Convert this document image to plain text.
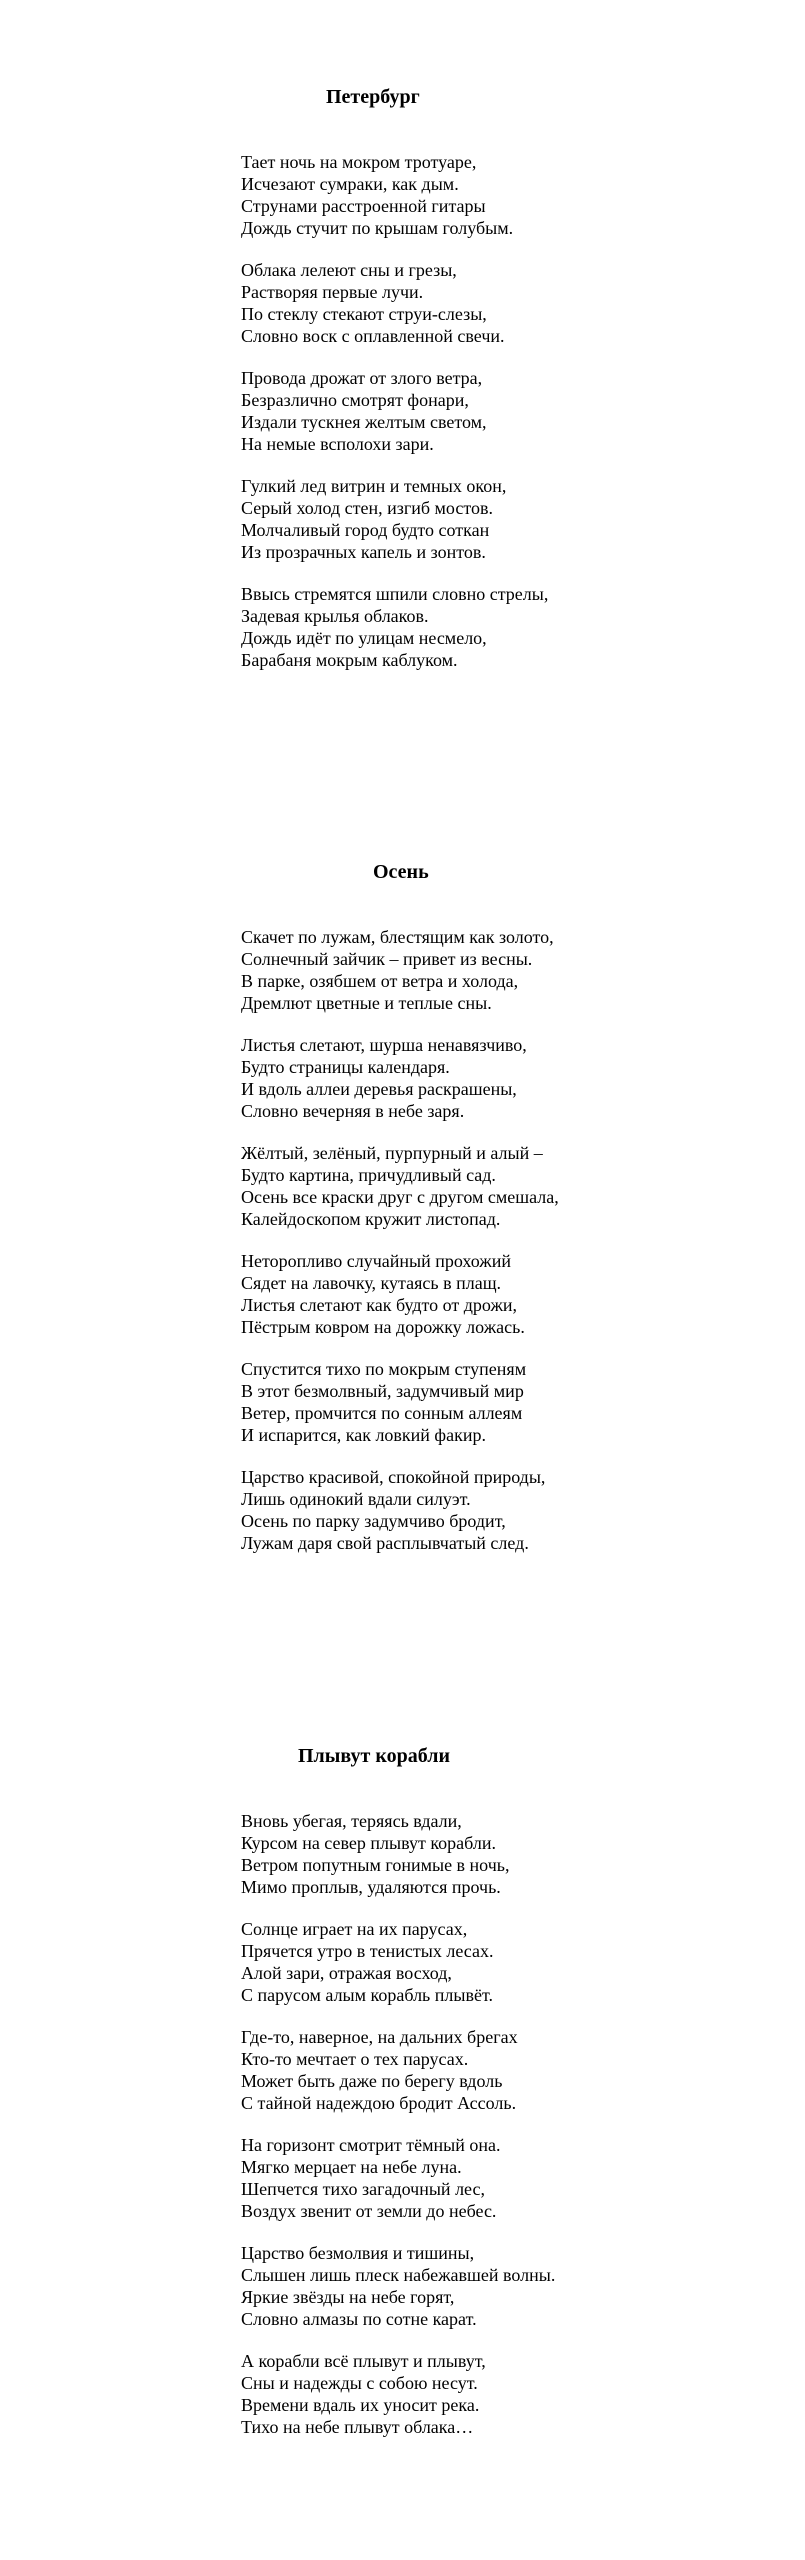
Петербург

Тает ночь на мокром тротуаре,
Исчезают сумраки, как дым.
Струнами расстроенной гитары
Дождь стучит по крышам голубым.

Облака лелеют сны и грезы,
Растворяя первые лучи.
По стеклу стекают струи-слезы,
Словно воск с оплавленной свечи.

Провода дрожат от злого ветра,
Безразлично смотрят фонари,
Издали тускнея желтым светом,
На немые всполохи зари.

Гулкий лед витрин и темных окон,
Серый холод стен, изгиб мостов.
Молчаливый город будто соткан
Из прозрачных капель и зонтов.

Ввысь стремятся шпили словно стрелы,
Задевая крылья облаков.
Дождь идёт по улицам несмело,
Барабаня мокрым каблуком.

Осень

Скачет по лужам, блестящим как золото,
Солнечный зайчик – привет из весны.
В парке, озябшем от ветра и холода,
Дремлют цветные и теплые сны.

Листья слетают, шурша ненавязчиво,
Будто страницы календаря.
И вдоль аллеи деревья раскрашены,
Словно вечерняя в небе заря.

Жёлтый, зелёный, пурпурный и алый –
Будто картина, причудливый сад.
Осень все краски друг с другом смешала,
Калейдоскопом кружит листопад.

Неторопливо случайный прохожий
Сядет на лавочку, кутаясь в плащ.
Листья слетают как будто от дрожи,
Пёстрым ковром на дорожку ложась.

Спустится тихо по мокрым ступеням
В этот безмолвный, задумчивый мир
Ветер, промчится по сонным аллеям
И испарится, как ловкий факир.

Царство красивой, спокойной природы,
Лишь одинокий вдали силуэт.
Осень по парку задумчиво бродит,
Лужам даря свой расплывчатый след.

Плывут корабли

Вновь убегая, теряясь вдали,
Курсом на север плывут корабли.
Ветром попутным гонимые в ночь,
Мимо проплыв, удаляются прочь.

Солнце играет на их парусах,
Прячется утро в тенистых лесах.
Алой зари, отражая восход,
С парусом алым корабль плывёт.

Где-то, наверное, на дальних брегах
Кто-то мечтает о тех парусах.
Может быть даже по берегу вдоль
С тайной надеждою бродит Ассоль.

На горизонт смотрит тёмный она.
Мягко мерцает на небе луна.
Шепчется тихо загадочный лес,
Воздух звенит от земли до небес.

Царство безмолвия и тишины,
Слышен лишь плеск набежавшей волны.
Яркие звёзды на небе горят,
Словно алмазы по сотне карат.

А корабли всё плывут и плывут,
Сны и надежды с собою несут.
Времени вдаль их уносит река.
Тихо на небе плывут облака…
